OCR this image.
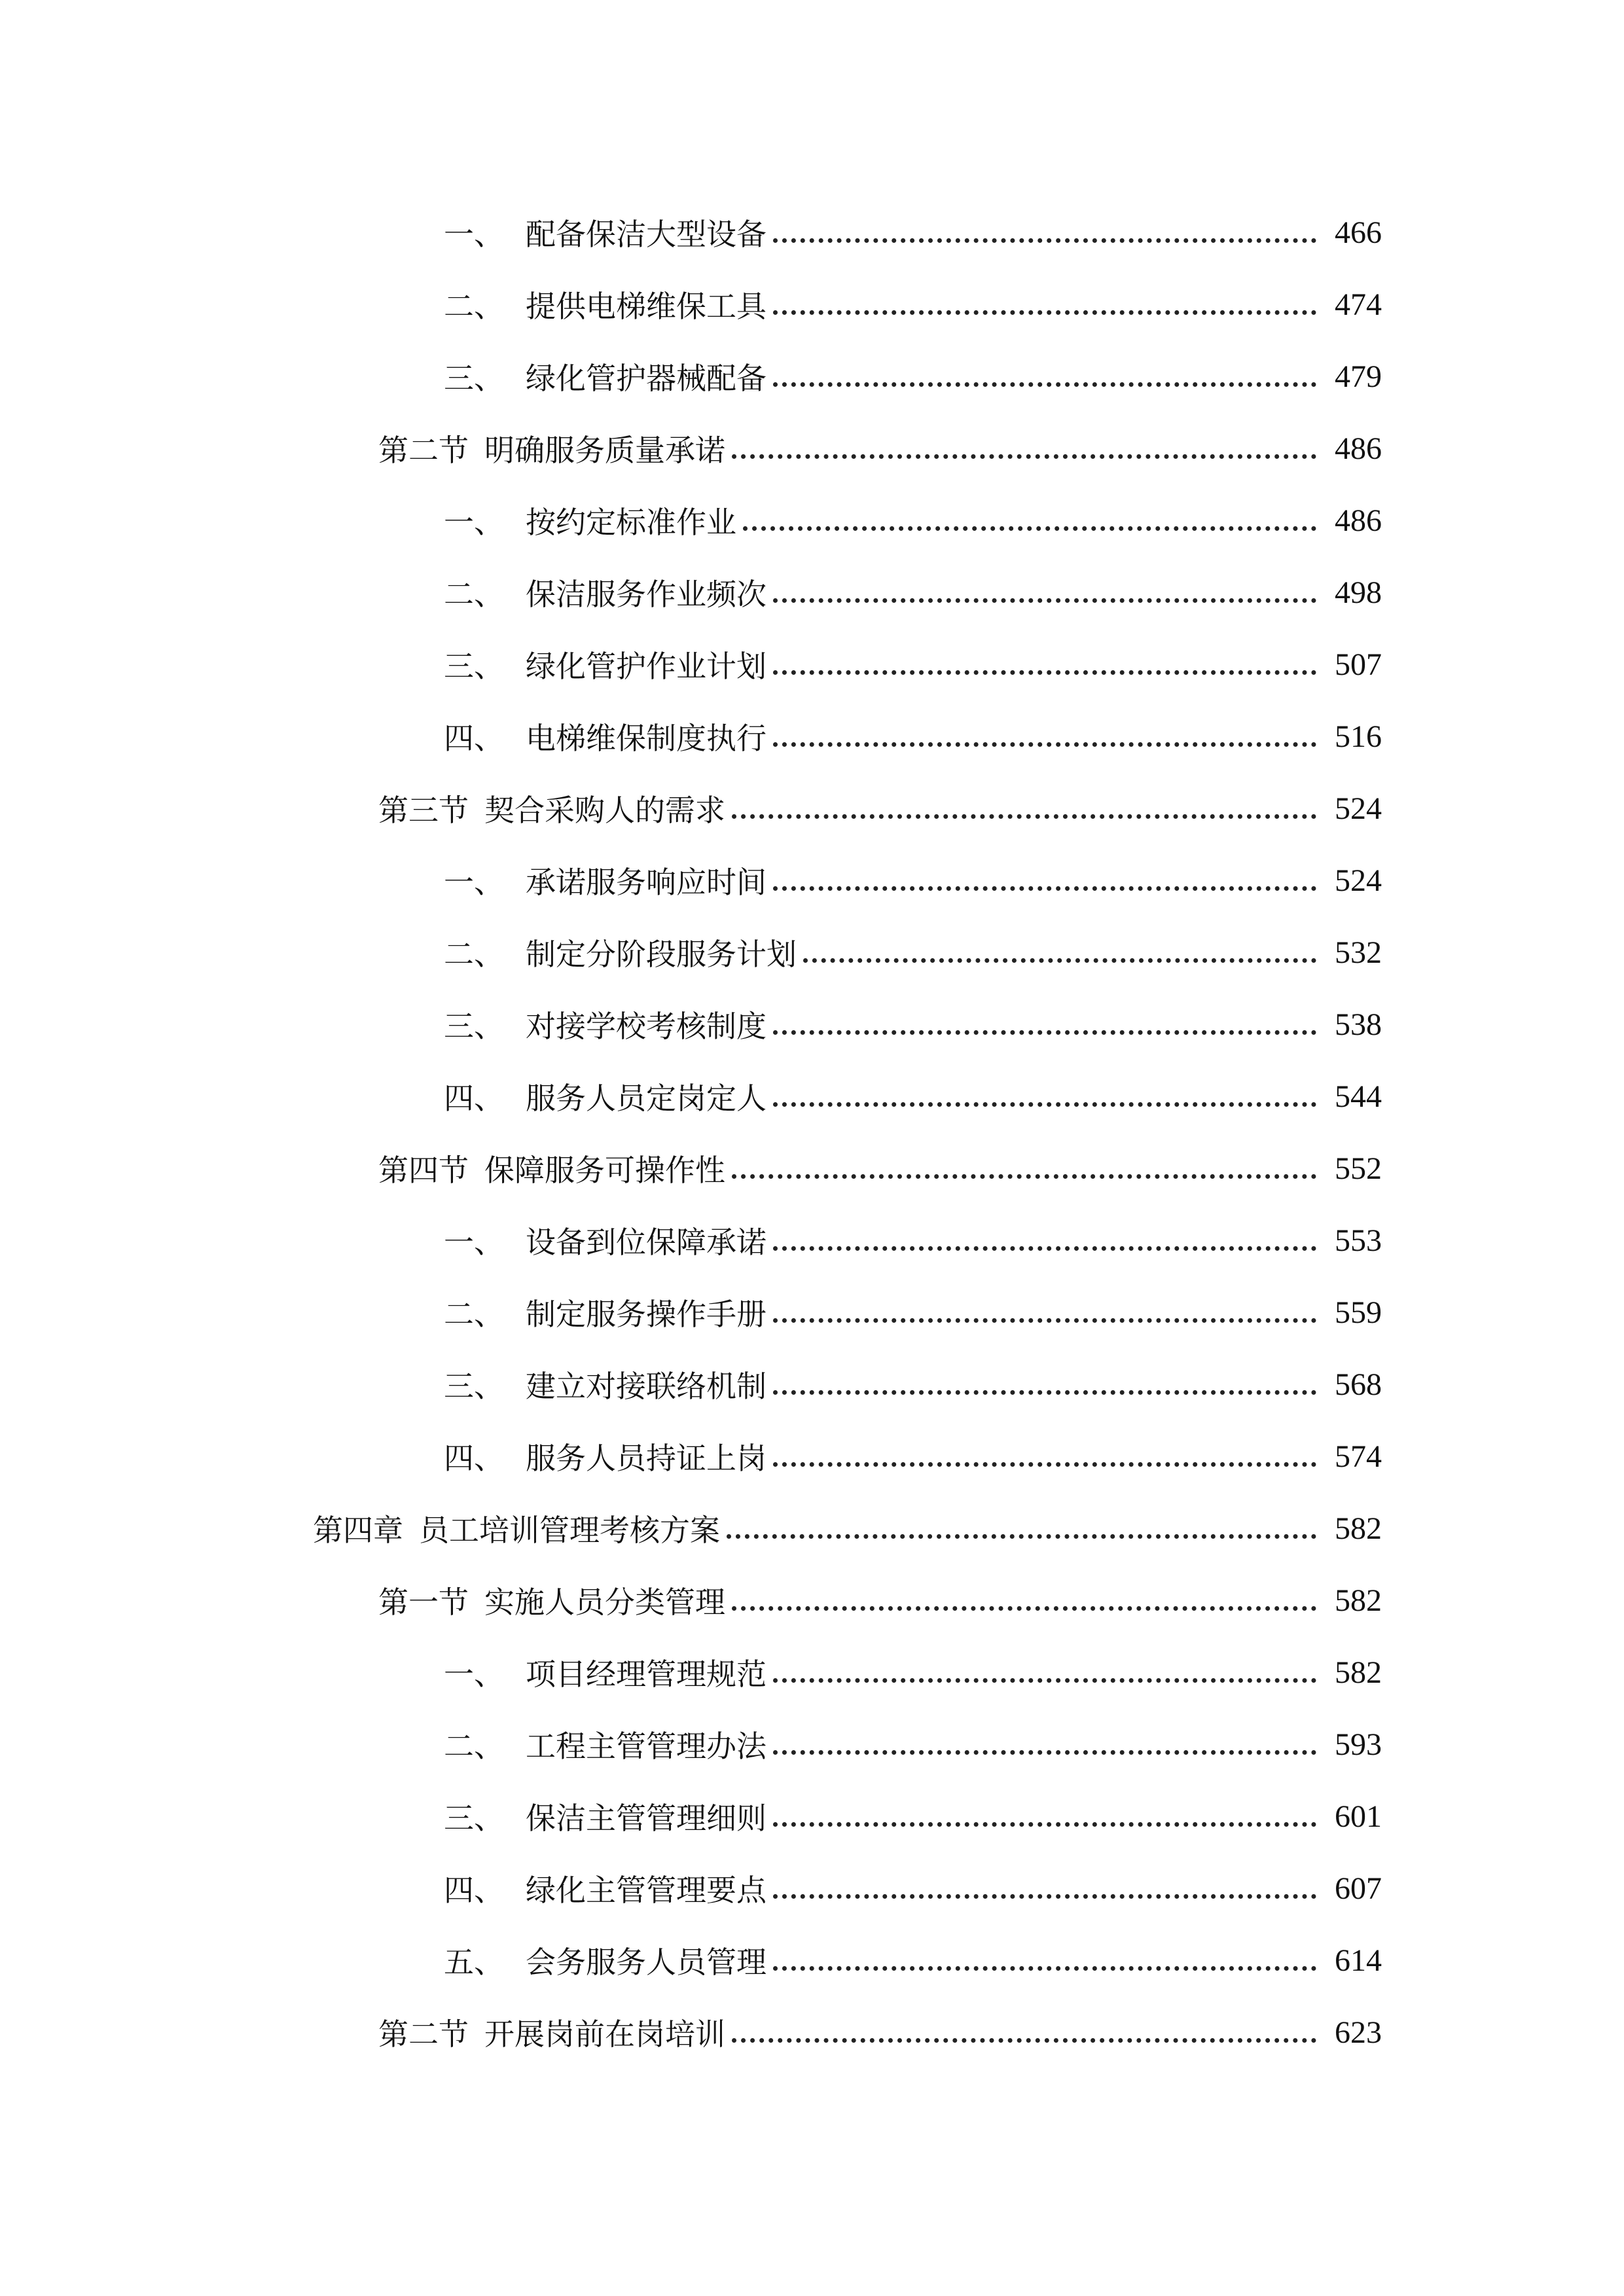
一、 配备保洁大型设备	466
二、 提供电梯维保工具	474
三、 绿化管护器械配备	479
第二节 明确服务质量承诺	486
一、 按约定标准作业	486
二、 保洁服务作业频次	498
三、 绿化管护作业计划	507
四、 电梯维保制度执行	516
第三节 契合采购人的需求	524
一、 承诺服务响应时间	524
二、 制定分阶段服务计划	532
三、 对接学校考核制度	538
四、 服务人员定岗定人	544
第四节 保障服务可操作性	552
一、 设备到位保障承诺	553
二、 制定服务操作手册	559
三、 建立对接联络机制	568
四、 服务人员持证上岗	574
第四章 员工培训管理考核方案	582
第一节 实施人员分类管理	582
一、 项目经理管理规范	582
二、 工程主管管理办法	593
三、 保洁主管管理细则	601
四、 绿化主管管理要点	607
五、 会务服务人员管理	614
第二节 开展岗前在岗培训	623
